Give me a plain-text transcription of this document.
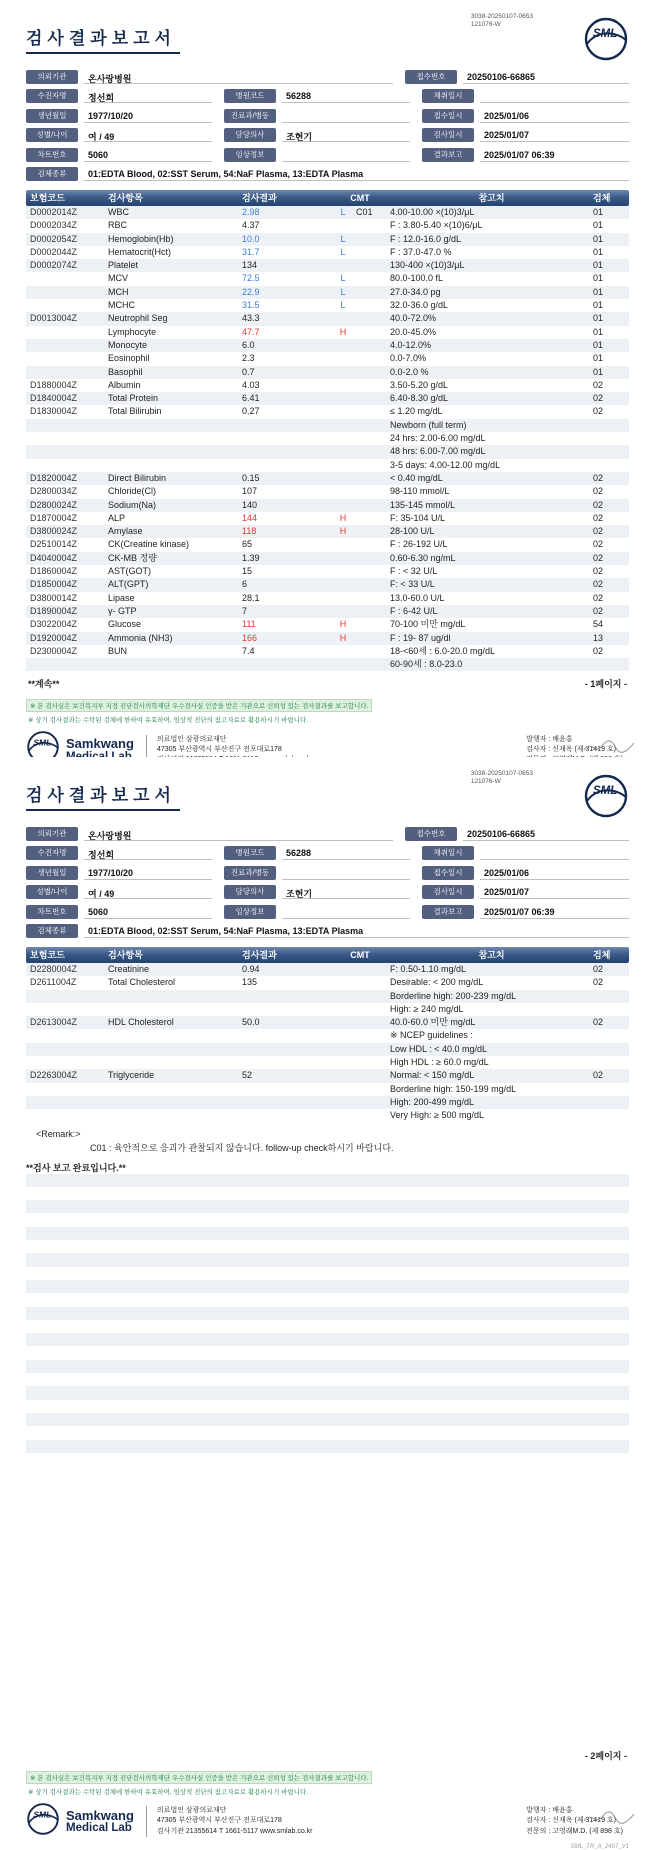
3038-20250107-0653
121076-W
SML
검사결과보고서
의뢰기관	온사랑병원	접수번호	20250106-66865
수진자명	정선희	병원코드	56288	채취일시
생년월일	1977/10/20	진료과/병동	접수일시	2025/01/06
성별/나이	여 / 49	담당의사	조현기	검사일시	2025/01/07
차트번호	5060	임상정보	결과보고	2025/01/07 06:39
검체종류	01:EDTA Blood, 02:SST Serum, 54:NaF Plasma, 13:EDTA Plasma
보험코드	검사항목	검사결과	CMT	참고치	검체
D0002014Z	WBC	2.98	L	C01	4.00-10.00 ×(10)3/μL	01
D0002034Z	RBC	4.37	F : 3.80-5.40 ×(10)6/μL	01
D0002054Z	Hemoglobin(Hb)	10.0	L	F : 12.0-16.0 g/dL	01
D0002044Z	Hematocrit(Hct)	31.7	L	F : 37.0-47.0 %	01
D0002074Z	Platelet	134	130-400 ×(10)3/μL	01
MCV	72.5	L	80.0-100.0 fL	01
MCH	22.9	L	27.0-34.0 pg	01
MCHC	31.5	L	32.0-36.0 g/dL	01
D0013004Z	Neutrophil Seg	43.3	40.0-72.0%	01
Lymphocyte	47.7	H	20.0-45.0%	01
Monocyte	6.0	4.0-12.0%	01
Eosinophil	2.3	0.0-7.0%	01
Basophil	0.7	0.0-2.0 %	01
D1880004Z	Albumin	4.03	3.50-5.20 g/dL	02
D1840004Z	Total Protein	6.41	6.40-8.30 g/dL	02
D1830004Z	Total Bilirubin	0.27	≤ 1.20 mg/dL	02
Newborn (full term)
24 hrs: 2.00-6.00 mg/dL
48 hrs: 6.00-7.00 mg/dL
3-5 days: 4.00-12.00 mg/dL
D1820004Z	Direct Bilirubin	0.15	< 0.40 mg/dL	02
D2800034Z	Chloride(Cl)	107	98-110 mmol/L	02
D2800024Z	Sodium(Na)	140	135-145 mmol/L	02
D1870004Z	ALP	144	H	F: 35-104 U/L	02
D3800024Z	Amylase	118	H	28-100 U/L	02
D2510014Z	CK(Creatine kinase)	65	F : 26-192 U/L	02
D4040004Z	CK-MB 정량	1.39	0.60-6.30 ng/mL	02
D1860004Z	AST(GOT)	15	F : < 32 U/L	02
D1850004Z	ALT(GPT)	6	F: < 33 U/L	02
D3800014Z	Lipase	28.1	13.0-60.0 U/L	02
D1890004Z	γ- GTP	7	F : 6-42 U/L	02
D3022004Z	Glucose	111	H	70-100 미만 mg/dL	54
D1920004Z	Ammonia (NH3)	166	H	F : 19- 87 ug/dl	13
D2300004Z	BUN	7.4	18-<60세 : 6.0-20.0 mg/dL	02
60-90세 : 8.0-23.0
**계속**	- 1페이지 -
※ 본 검사실은 보건복지부 지정 진단검사의학재단 우수검사실 인증을 받은 기관으로 신뢰성 있는 검사결과를 보고합니다.
※ 상기 검사결과는 수탁된 검체에 한하여 유효하며, 임상적 진단의 참고자료로 활용하시기 바랍니다.
SML Samkwang	의료법인 삼광의료재단
47305 부산광역시 부산진구 전포대로178
발행자 : 배윤홍
검사자 : 신재옥 (제 31419 호)
3038-20250107-0653
121076-W
SML
검사결과보고서
의뢰기관	온사랑병원	접수번호	20250106-66865
수진자명	정선희	병원코드	56288	채취일시
생년월일	1977/10/20	진료과/병동	접수일시	2025/01/06
성별/나이	여 / 49	담당의사	조현기	검사일시	2025/01/07
차트번호	5060	임상정보	결과보고	2025/01/07 06:39
검체종류	01:EDTA Blood, 02:SST Serum, 54:NaF Plasma, 13:EDTA Plasma
보험코드	검사항목	검사결과	CMT	참고치	검체
D2280004Z	Creatinine	0.94	F: 0.50-1.10 mg/dL	02
D2611004Z	Total Cholesterol	135	Desirable: < 200 mg/dL	02
Borderline high: 200-239 mg/dL
High: ≥ 240 mg/dL
D2613004Z	HDL Cholesterol	50.0	40.0-60.0 미만 mg/dL	02
※ NCEP guidelines :
Low HDL : < 40.0 mg/dL
High HDL : ≥ 60.0 mg/dL
D2263004Z	Triglyceride	52	Normal: < 150 mg/dL	02
Borderline high: 150-199 mg/dL
High: 200-499 mg/dL
Very High: ≥ 500 mg/dL
<Remark:>
C01 : 육안적으로 응괴가 관찰되지 않습니다. follow-up check하시기 바랍니다.
**검사 보고 완료입니다.**
- 2페이지 -
※ 본 검사실은 보건복지부 지정 진단검사의학재단 우수검사실 인증을 받은 기관으로 신뢰성 있는 검사결과를 보고합니다.
※ 상기 검사결과는 수탁된 검체에 한하여 유효하며, 임상적 진단의 참고자료로 활용하시기 바랍니다.
SML Samkwang
Medical Lab
의료법인 삼광의료재단
47305 부산광역시 부산진구 전포대로178
검사기관 21355614 T 1661-5117 www.smlab.co.kr
발행자 : 배윤홍
검사자 : 신재옥 (제 31419 호)
전문의 : 고영래M.D. (제 898 호)
SML_TR_A_2407_V1
